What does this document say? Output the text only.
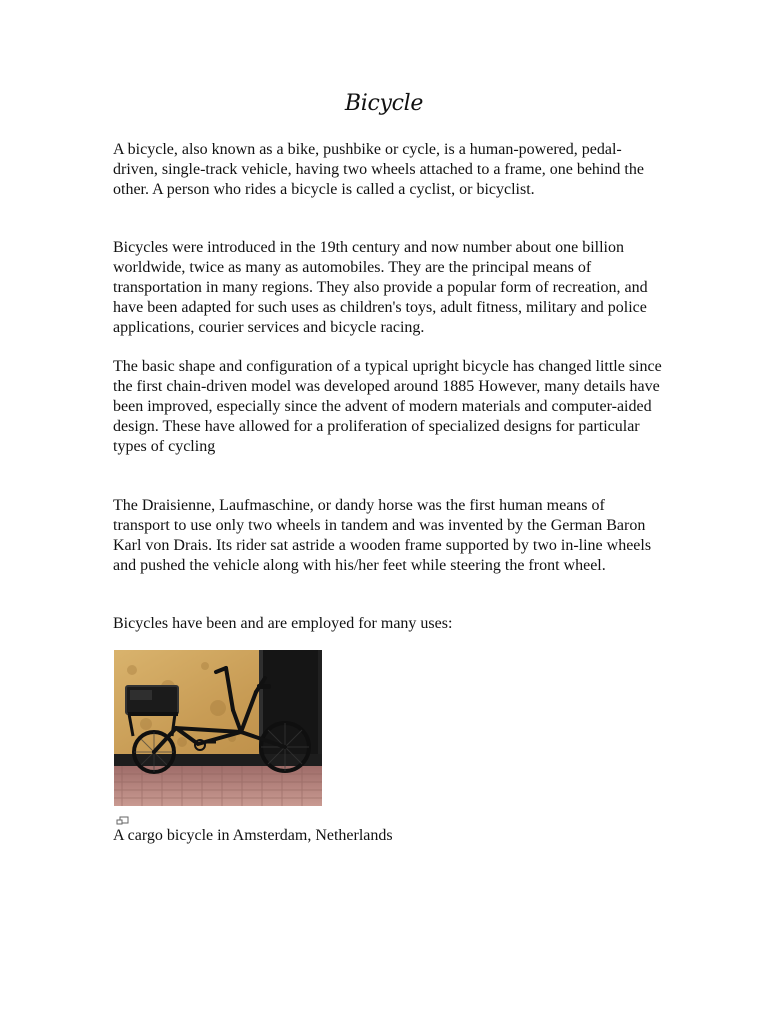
Bicycle

A bicycle, also known as a bike, pushbike or cycle, is a human-powered, pedal-driven, single-track vehicle, having two wheels attached to a frame, one behind the other. A person who rides a bicycle is called a cyclist, or bicyclist.

Bicycles were introduced in the 19th century and now number about one billion worldwide, twice as many as automobiles. They are the principal means of transportation in many regions. They also provide a popular form of recreation, and have been adapted for such uses as children's toys, adult fitness, military and police applications, courier services and bicycle racing.

The basic shape and configuration of a typical upright bicycle has changed little since the first chain-driven model was developed around 1885 However, many details have been improved, especially since the advent of modern materials and computer-aided design. These have allowed for a proliferation of specialized designs for particular types of cycling

The Draisienne, Laufmaschine, or dandy horse was the first human means of transport to use only two wheels in tandem and was invented by the German Baron Karl von Drais. Its rider sat astride a wooden frame supported by two in-line wheels and pushed the vehicle along with his/her feet while steering the front wheel.

Bicycles have been and are employed for many uses:

A cargo bicycle in Amsterdam, Netherlands
